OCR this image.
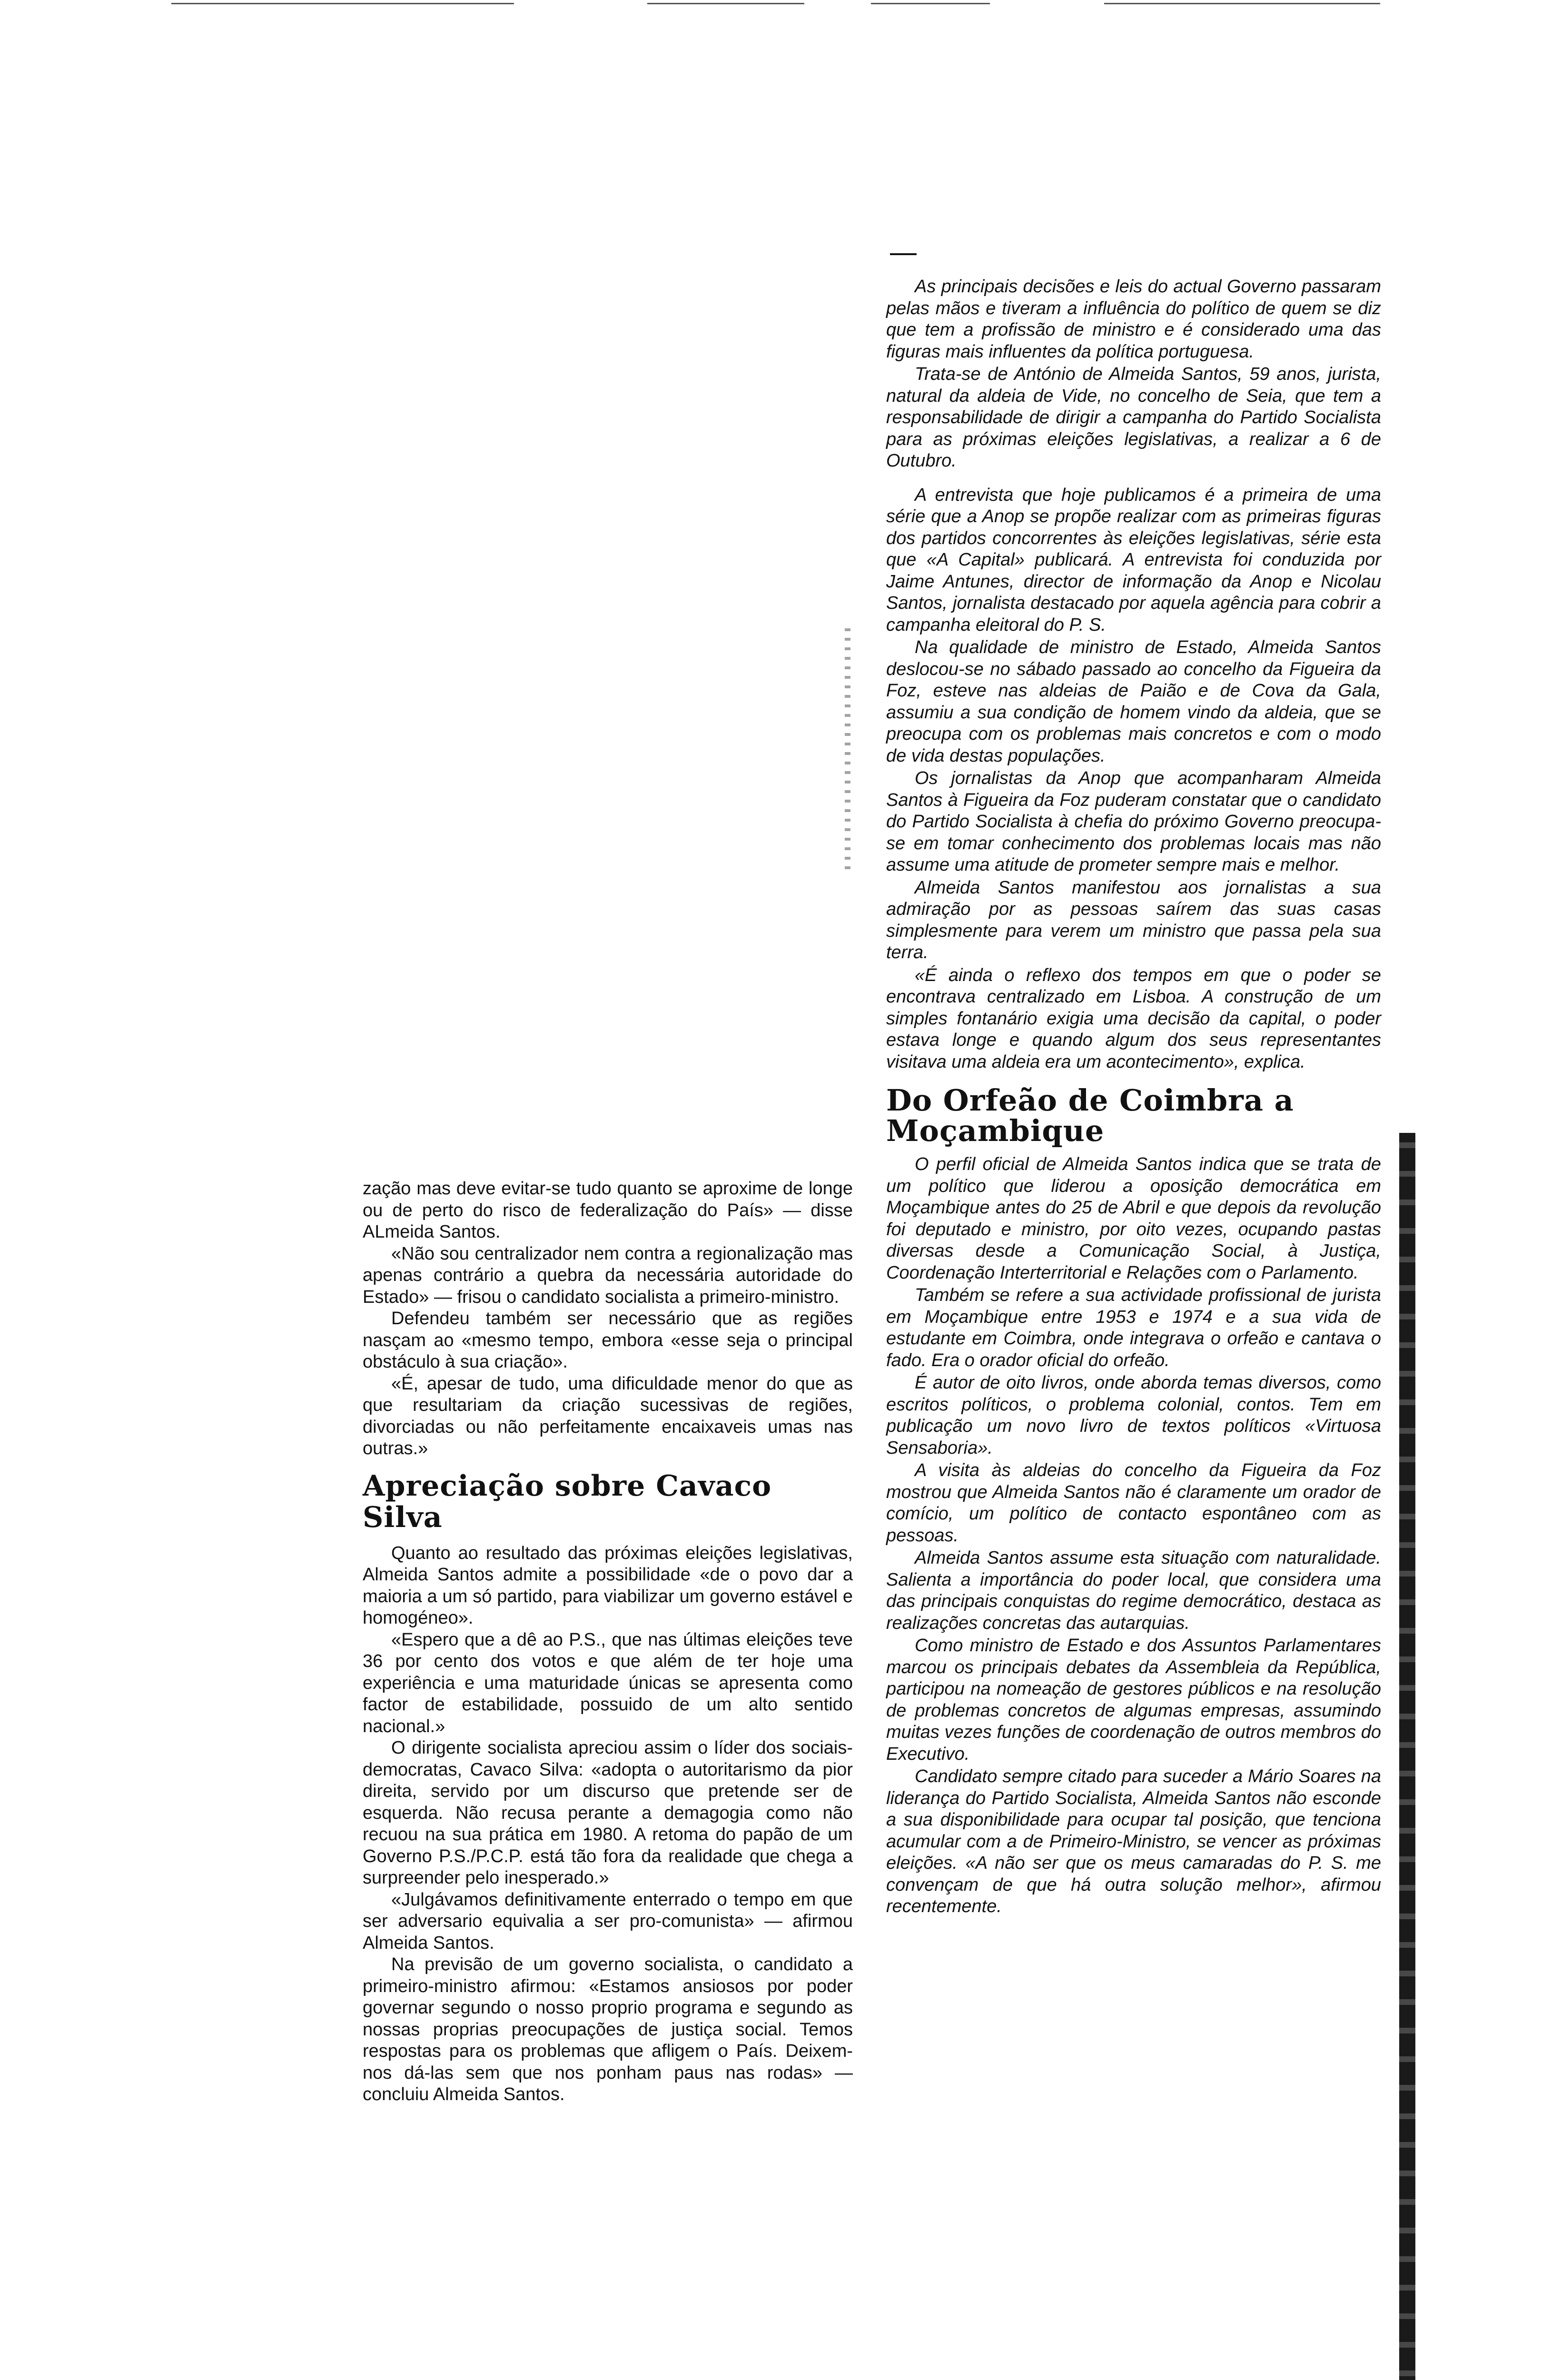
As principais decisões e leis do actual Governo passaram pelas mãos e tiveram a influência do político de quem se diz que tem a profissão de ministro e é considerado uma das figuras mais influentes da política portuguesa.

Trata-se de António de Almeida Santos, 59 anos, jurista, natural da aldeia de Vide, no concelho de Seia, que tem a responsabilidade de dirigir a campanha do Partido Socialista para as próximas eleições legislativas, a realizar a 6 de Outubro.

A entrevista que hoje publicamos é a primeira de uma série que a Anop se propõe realizar com as primeiras figuras dos partidos concorrentes às eleições legislativas, série esta que «A Capital» publicará. A entrevista foi conduzida por Jaime Antunes, director de informação da Anop e Nicolau Santos, jornalista destacado por aquela agência para cobrir a campanha eleitoral do P. S.

Na qualidade de ministro de Estado, Almeida Santos deslocou-se no sábado passado ao concelho da Figueira da Foz, esteve nas aldeias de Paião e de Cova da Gala, assumiu a sua condição de homem vindo da aldeia, que se preocupa com os problemas mais concretos e com o modo de vida destas populações.

Os jornalistas da Anop que acompanharam Almeida Santos à Figueira da Foz puderam constatar que o candidato do Partido Socialista à chefia do próximo Governo preocupa-se em tomar conhecimento dos problemas locais mas não assume uma atitude de prometer sempre mais e melhor.

Almeida Santos manifestou aos jornalistas a sua admiração por as pessoas saírem das suas casas simplesmente para verem um ministro que passa pela sua terra.

«É ainda o reflexo dos tempos em que o poder se encontrava centralizado em Lisboa. A construção de um simples fontanário exigia uma decisão da capital, o poder estava longe e quando algum dos seus representantes visitava uma aldeia era um acontecimento», explica.

Do Orfeão de Coimbra a Moçambique

O perfil oficial de Almeida Santos indica que se trata de um político que liderou a oposição democrática em Moçambique antes do 25 de Abril e que depois da revolução foi deputado e ministro, por oito vezes, ocupando pastas diversas desde a Comunicação Social, à Justiça, Coordenação Interterritorial e Relações com o Parlamento.

Também se refere a sua actividade profissional de jurista em Moçambique entre 1953 e 1974 e a sua vida de estudante em Coimbra, onde integrava o orfeão e cantava o fado. Era o orador oficial do orfeão.

É autor de oito livros, onde aborda temas diversos, como escritos políticos, o problema colonial, contos. Tem em publicação um novo livro de textos políticos «Virtuosa Sensaboria».

A visita às aldeias do concelho da Figueira da Foz mostrou que Almeida Santos não é claramente um orador de comício, um político de contacto espontâneo com as pessoas.

Almeida Santos assume esta situação com naturalidade. Salienta a importância do poder local, que considera uma das principais conquistas do regime democrático, destaca as realizações concretas das autarquias.

Como ministro de Estado e dos Assuntos Parlamentares marcou os principais debates da Assembleia da República, participou na nomeação de gestores públicos e na resolução de problemas concretos de algumas empresas, assumindo muitas vezes funções de coordenação de outros membros do Executivo.

Candidato sempre citado para suceder a Mário Soares na liderança do Partido Socialista, Almeida Santos não esconde a sua disponibilidade para ocupar tal posição, que tenciona acumular com a de Primeiro-Ministro, se vencer as próximas eleições. «A não ser que os meus camaradas do P. S. me convençam de que há outra solução melhor», afirmou recentemente.

zação mas deve evitar-se tudo quanto se aproxime de longe ou de perto do risco de federalização do País» — disse ALmeida Santos.

«Não sou centralizador nem contra a regionalização mas apenas contrário a quebra da necessária autoridade do Estado» — frisou o candidato socialista a primeiro-ministro.

Defendeu também ser necessário que as regiões nasçam ao «mesmo tempo, embora «esse seja o principal obstáculo à sua criação».

«É, apesar de tudo, uma dificuldade menor do que as que resultariam da criação sucessivas de regiões, divorciadas ou não perfeitamente encaixaveis umas nas outras.»

Apreciação sobre Cavaco Silva

Quanto ao resultado das próximas eleições legislativas, Almeida Santos admite a possibilidade «de o povo dar a maioria a um só partido, para viabilizar um governo estável e homogéneo».

«Espero que a dê ao P.S., que nas últimas eleições teve 36 por cento dos votos e que além de ter hoje uma experiência e uma maturidade únicas se apresenta como factor de estabilidade, possuido de um alto sentido nacional.»

O dirigente socialista apreciou assim o líder dos sociais-democratas, Cavaco Silva: «adopta o autoritarismo da pior direita, servido por um discurso que pretende ser de esquerda. Não recusa perante a demagogia como não recuou na sua prática em 1980. A retoma do papão de um Governo P.S./P.C.P. está tão fora da realidade que chega a surpreender pelo inesperado.»

«Julgávamos definitivamente enterrado o tempo em que ser adversario equivalia a ser pro-comunista» — afirmou Almeida Santos.

Na previsão de um governo socialista, o candidato a primeiro-ministro afirmou: «Estamos ansiosos por poder governar segundo o nosso proprio programa e segundo as nossas proprias preocupações de justiça social. Temos respostas para os problemas que afligem o País. Deixem-nos dá-las sem que nos ponham paus nas rodas» — concluiu Almeida Santos.
